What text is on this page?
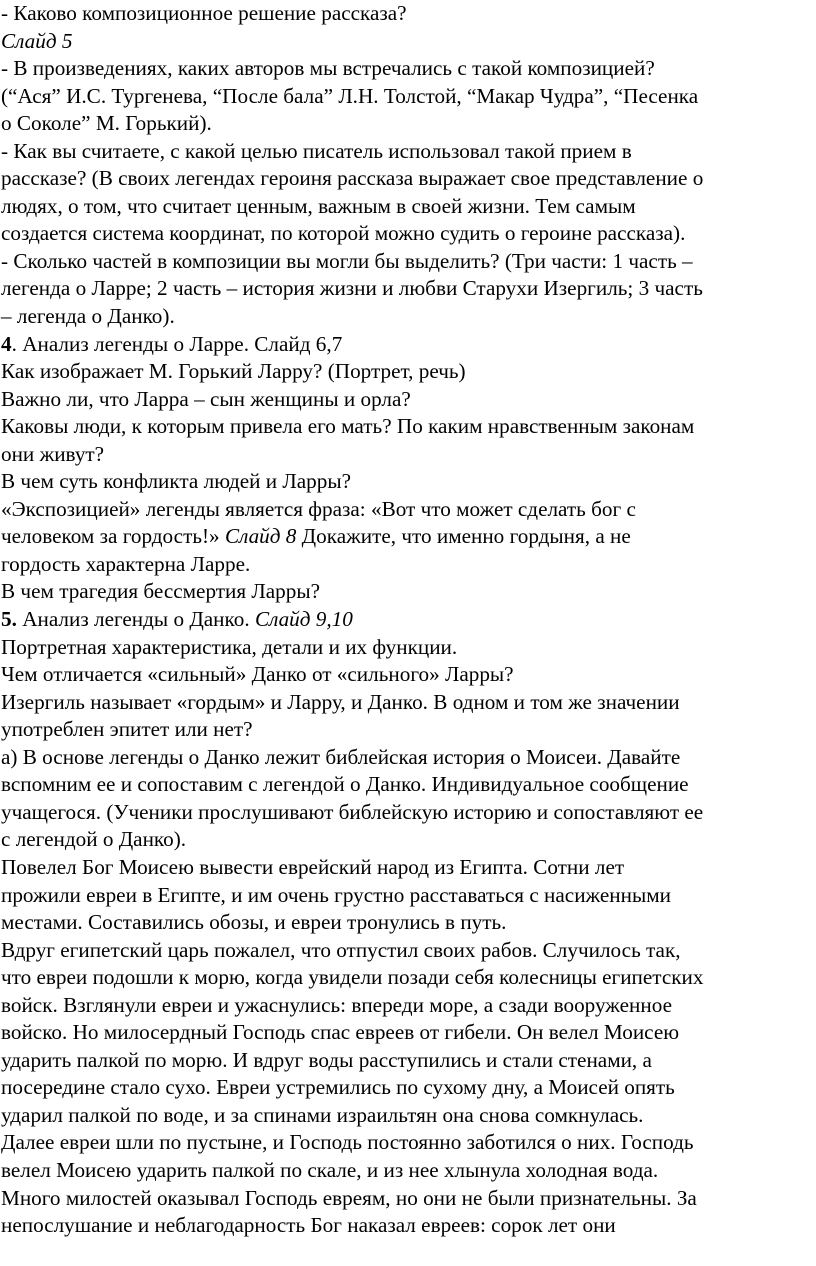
- Каково композиционное решение рассказа?
Слайд 5
- В произведениях, каких авторов мы встречались с такой композицией?
(“Ася” И.С. Тургенева, “После бала” Л.Н. Толстой, “Макар Чудра”, “Песенка
о Соколе” М. Горький).
- Как вы считаете, с какой целью писатель использовал такой прием в
рассказе? (В своих легендах героиня рассказа выражает свое представление о
людях, о том, что считает ценным, важным в своей жизни. Тем самым
создается система координат, по которой можно судить о героине рассказа).
- Сколько частей в композиции вы могли бы выделить? (Три части: 1 часть –
легенда о Ларре; 2 часть – история жизни и любви Старухи Изергиль; 3 часть
– легенда о Данко).
4. Анализ легенды о Ларре. Слайд 6,7
Как изображает М. Горький Ларру? (Портрет, речь)
Важно ли, что Ларра – сын женщины и орла?
Каковы люди, к которым привела его мать? По каким нравственным законам
они живут?
В чем суть конфликта людей и Ларры?
«Экспозицией» легенды является фраза: «Вот что может сделать бог с
человеком за гордость!» Слайд 8 Докажите, что именно гордыня, а не
гордость характерна Ларре.
В чем трагедия бессмертия Ларры?
5. Анализ легенды о Данко. Слайд 9,10
Портретная характеристика, детали и их функции.
Чем отличается «сильный» Данко от «сильного» Ларры?
Изергиль называет «гордым» и Ларру, и Данко. В одном и том же значении
употреблен эпитет или нет?
а) В основе легенды о Данко лежит библейская история о Моисеи. Давайте
вспомним ее и сопоставим с легендой о Данко. Индивидуальное сообщение
учащегося. (Ученики прослушивают библейскую историю и сопоставляют ее
с легендой о Данко).
Повелел Бог Моисею вывести еврейский народ из Египта. Сотни лет
прожили евреи в Египте, и им очень грустно расставаться с насиженными
местами. Составились обозы, и евреи тронулись в путь.
Вдруг египетский царь пожалел, что отпустил своих рабов. Случилось так,
что евреи подошли к морю, когда увидели позади себя колесницы египетских
войск. Взглянули евреи и ужаснулись: впереди море, а сзади вооруженное
войско. Но милосердный Господь спас евреев от гибели. Он велел Моисею
ударить палкой по морю. И вдруг воды расступились и стали стенами, а
посередине стало сухо. Евреи устремились по сухому дну, а Моисей опять
ударил палкой по воде, и за спинами израильтян она снова сомкнулась.
Далее евреи шли по пустыне, и Господь постоянно заботился о них. Господь
велел Моисею ударить палкой по скале, и из нее хлынула холодная вода.
Много милостей оказывал Господь евреям, но они не были признательны. За
непослушание и неблагодарность Бог наказал евреев: сорок лет они
